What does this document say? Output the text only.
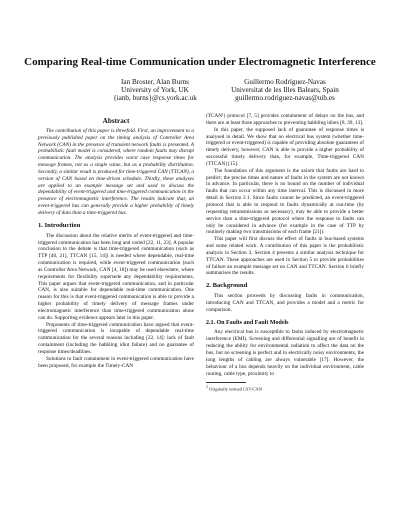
Comparing Real-time Communication under Electromagnetic Interference
Ian Broster, Alan Burns
University of York, UK
{ianb, burns}@cs.york.ac.uk
Guillermo Rodríguez-Navas
Universitat de les Illes Balears, Spain
guillermo.rodriguez-navas@uib.es
Abstract

The contribution of this paper is threefold. First, an improvement to a previously published paper on the timing analysis of Controller Area Network (CAN) in the presence of transient network faults is presented. A probabilistic fault model is considered, where random faults may disrupt communication. The analysis provides worst case response times for message frames, not as a single value, but as a probability distribution. Secondly, a similar result is produced for time-triggered CAN (TTCAN), a version of CAN based on time-driven schedule. Thirdly, these analyses are applied to an example message set and used to discuss the dependability of event-triggered and time-triggered communication in the presence of electromagnetic interference. The results indicate that, an event-triggered bus can generally provide a higher probability of timely delivery of data than a time-triggered bus.

1. Introduction

The discussion about the relative merits of event-triggered and time-triggered communication has been long and varied [22, 11, 23]. A popular conclusion to the debate is that time-triggered communication (such as TTP [40, 21], TTCAN [15, 14]) is needed where dependable, real-time communication is required, while event-triggered communication (such as Controller Area Network, CAN [4, 18]) may be used elsewhere, where requirements for flexibility supersede any dependability requirements. This paper argues that event-triggered communication, and in particular CAN, is also suitable for dependable real-time communication. One reason for this is that event-triggered communication is able to provide a higher probability of timely delivery of message frames under electromagnetic interference than time-triggered communication alone can do. Supporting evidence appears later in this paper.

Proponents of time-triggered communication have argued that event-triggered communication is incapable of dependable real-time communication for the several reasons including [22, 14]: lack of fault containment (including the babbling idiot failure) and no guarantee of response times/deadlines.

Solutions to fault containment in event-triggered communication have been proposed, for example the Timely-CAN

(TCAN¹) protocol [7, 5] provides containment of delays on the bus, and there are at least three approaches to preventing babbling idiots [8, 39, 13].

In this paper, the supposed lack of guarantee of response times is analysed in detail. We show that no electrical bus system (whether time-triggered or event-triggered) is capable of providing absolute guarantees of timely delivery, however, CAN is able to provide a higher probability of successful timely delivery than, for example, Time-triggered CAN (TTCAN) [15].

The foundation of this argument is the axiom that faults are hard to predict; the precise times and nature of faults in the system are not known in advance. In particular, there is no bound on the number of individual faults that can occur within any time interval. This is discussed in more detail in Section 2.1. Since faults cannot be predicted, an event-triggered protocol that is able to respond to faults dynamically at run-time (by requesting retransmissions as necessary), may be able to provide a better service than a time-triggered protocol where the response to faults can only be considered in advance (for example in the case of TTP by routinely making two transmissions of each frame [21]).

This paper will first discuss the effect of faults in bus-based systems and some related work. A contribution of this paper is the probabilistic analysis in Section 3. Section 4 presents a similar analysis technique for TTCAN. These approaches are used in Section 5 to provide probabilities of failure an example message set on CAN and TTCAN. Section 6 briefly summarises the results.

2. Background

This section proceeds by discussing faults in communication, introducing CAN and TTCAN, and provides a model and a metric for comparison.

2.1. On Faults and Fault Models

Any electrical bus is susceptible to faults induced by electromagnetic interference (EMI). Screening and differential signalling are of benefit in reducing the ability for environmental radiation to affect the data on the bus, but no screening is perfect and in electrically noisy environments, the long lengths of cabling are always vulnerable [17]. However, the behaviour of a bus depends heavily on the individual environment, cable routing, cable type, proximity to

$^1$ Originally termed LST-CAN
